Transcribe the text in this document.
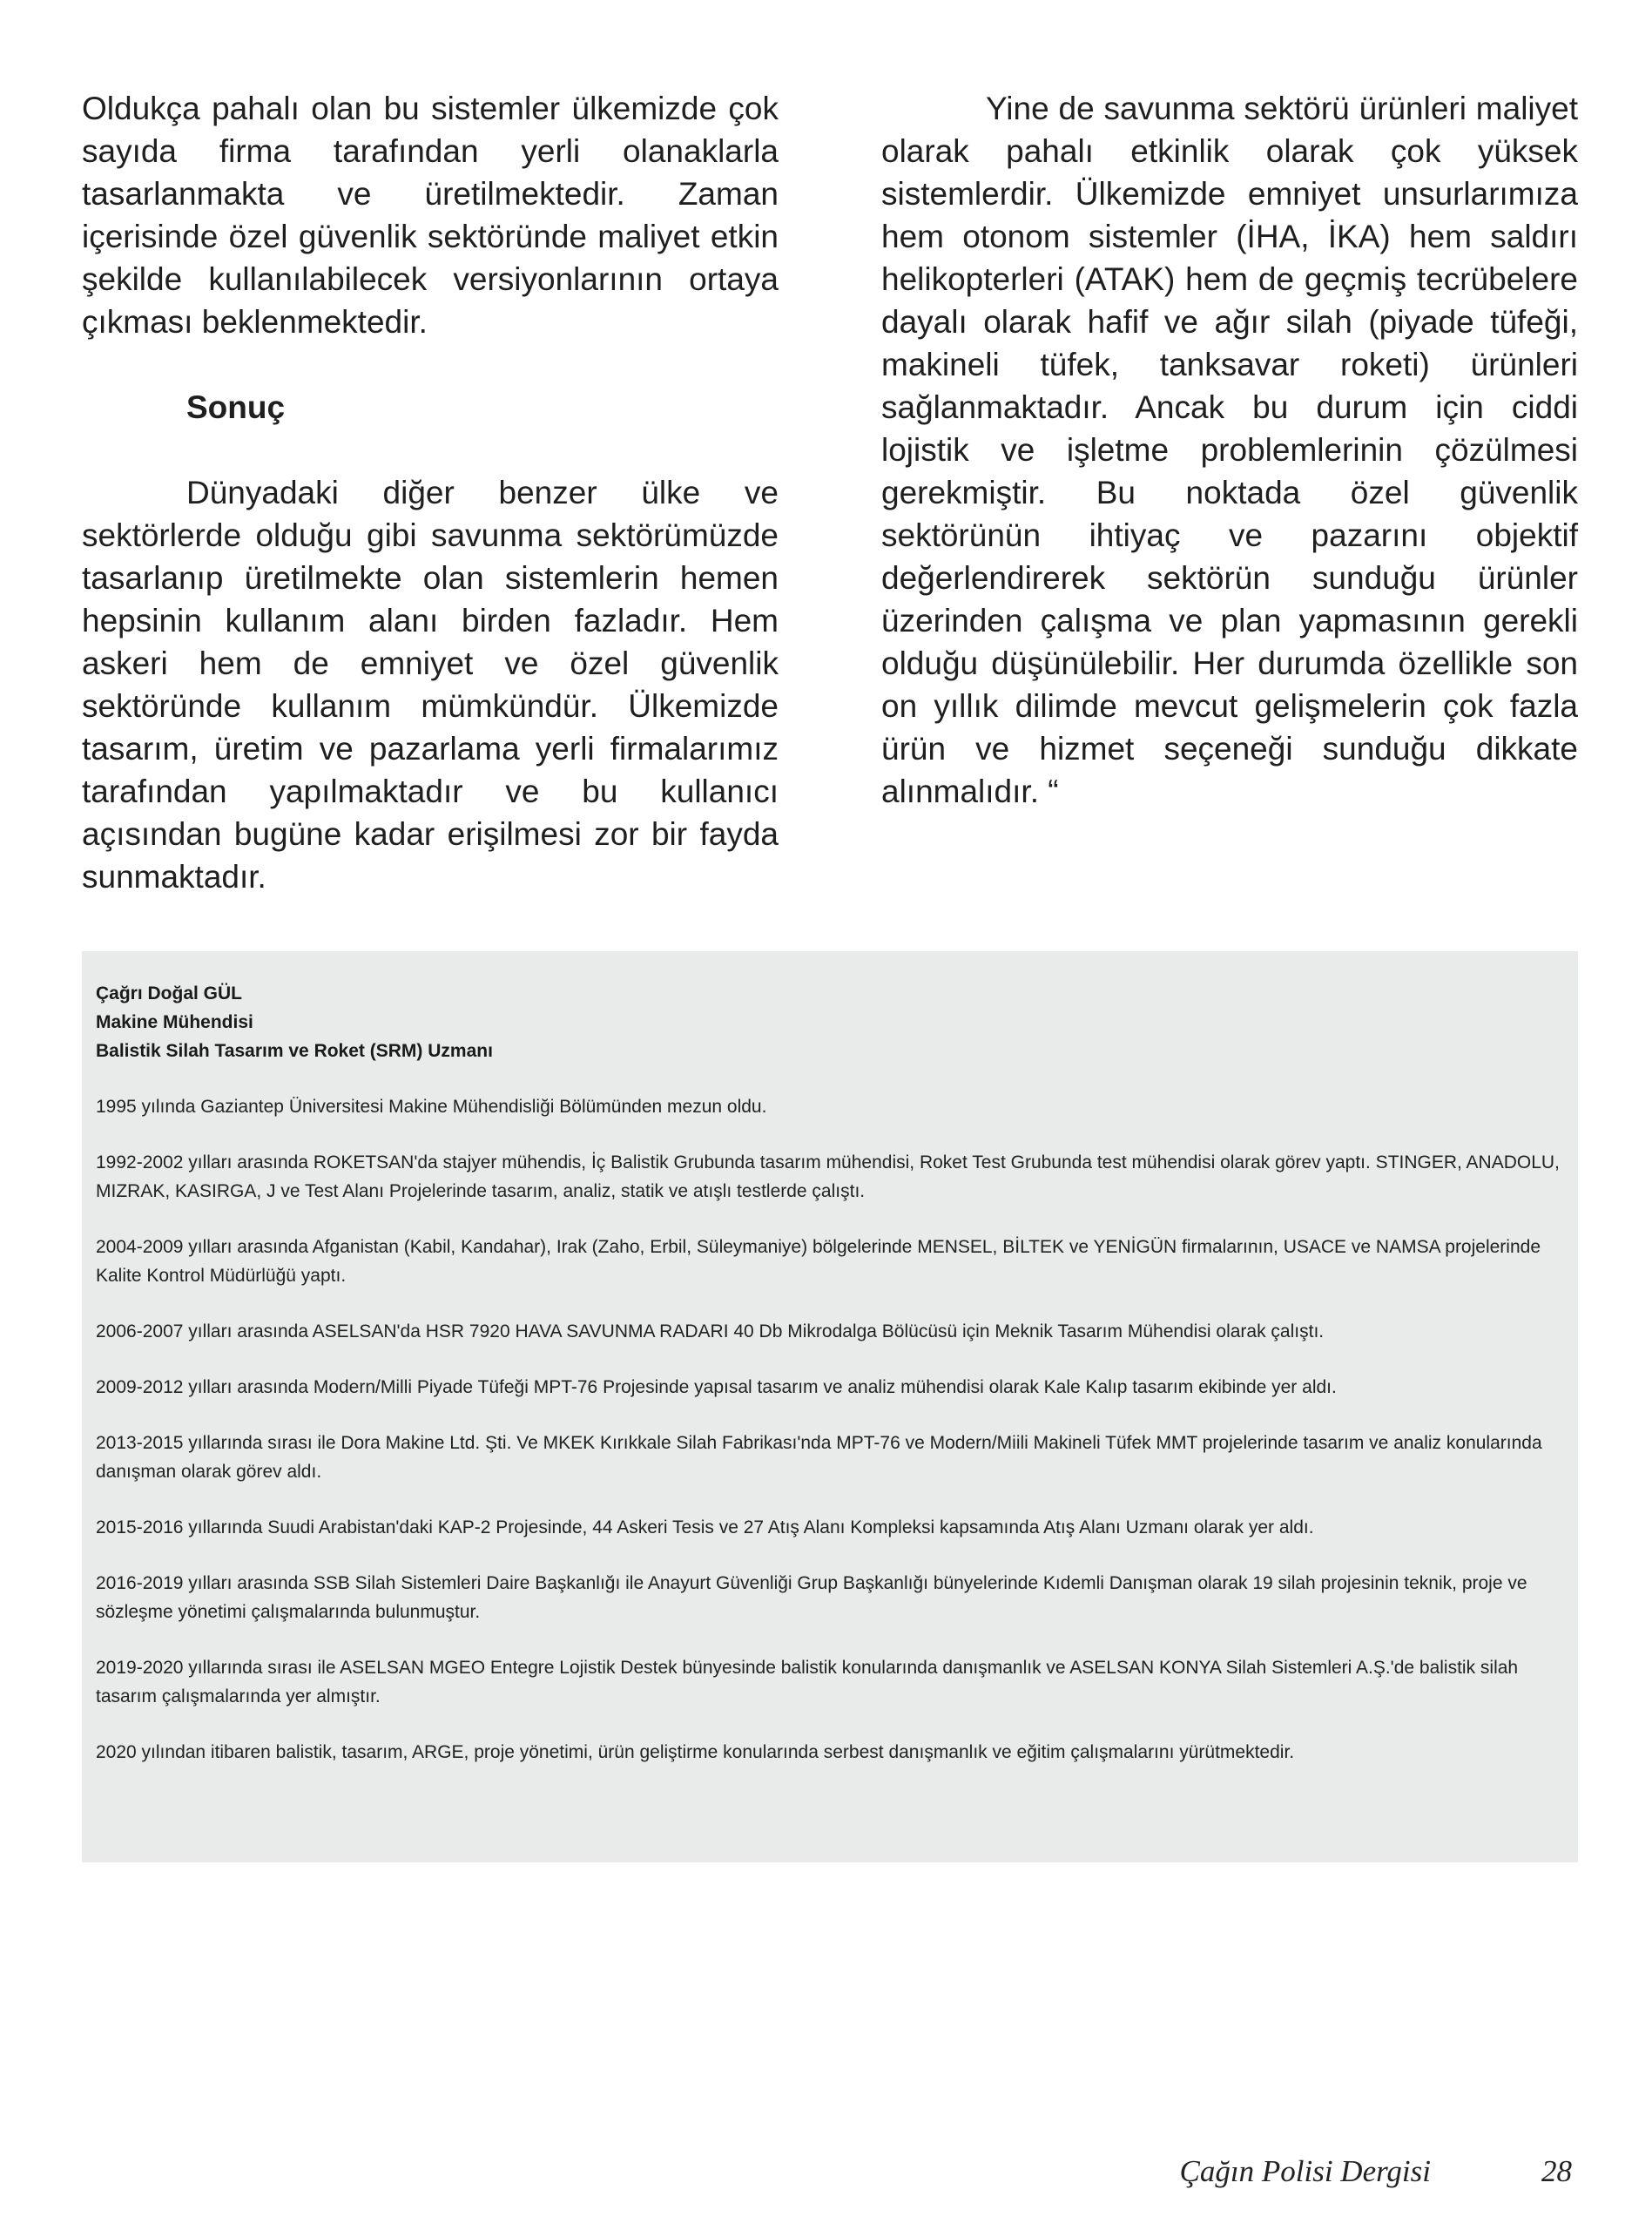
Oldukça pahalı olan bu sistemler ülkemizde çok sayıda firma tarafından yerli olanaklarla tasarlanmakta ve üretilmektedir. Zaman içerisinde özel güvenlik sektöründe maliyet etkin şekilde kullanılabilecek versiyonlarının ortaya çıkması beklenmektedir.

Sonuç

Dünyadaki diğer benzer ülke ve sektörlerde olduğu gibi savunma sektörümüzde tasarlanıp üretilmekte olan sistemlerin hemen hepsinin kullanım alanı birden fazladır. Hem askeri hem de emniyet ve özel güvenlik sektöründe kullanım mümkündür. Ülkemizde tasarım, üretim ve pazarlama yerli firmalarımız tarafından yapılmaktadır ve bu kullanıcı açısından bugüne kadar erişilmesi zor bir fayda sunmaktadır.

Yine de savunma sektörü ürünleri maliyet olarak pahalı etkinlik olarak çok yüksek sistemlerdir. Ülkemizde emniyet unsurlarımıza hem otonom sistemler (İHA, İKA) hem saldırı helikopterleri (ATAK) hem de geçmiş tecrübelere dayalı olarak hafif ve ağır silah (piyade tüfeği, makineli tüfek, tanksavar roketi) ürünleri sağlanmaktadır. Ancak bu durum için ciddi lojistik ve işletme problemlerinin çözülmesi gerekmiştir. Bu noktada özel güvenlik sektörünün ihtiyaç ve pazarını objektif değerlendirerek sektörün sunduğu ürünler üzerinden çalışma ve plan yapmasının gerekli olduğu düşünülebilir. Her durumda özellikle son on yıllık dilimde mevcut gelişmelerin çok fazla ürün ve hizmet seçeneği sunduğu dikkate alınmalıdır. “

Çağrı Doğal GÜL
Makine Mühendisi
Balistik Silah Tasarım ve Roket (SRM) Uzmanı

1995 yılında Gaziantep Üniversitesi Makine Mühendisliği Bölümünden mezun oldu.

1992-2002 yılları arasında ROKETSAN'da stajyer mühendis, İç Balistik Grubunda tasarım mühendisi, Roket Test Grubunda test mühendisi olarak görev yaptı. STINGER, ANADOLU, MIZRAK, KASIRGA, J ve Test Alanı Projelerinde tasarım, analiz, statik ve atışlı testlerde çalıştı.

2004-2009 yılları arasında Afganistan (Kabil, Kandahar), Irak (Zaho, Erbil, Süleymaniye) bölgelerinde MENSEL, BİLTEK ve YENİGÜN firmalarının, USACE ve NAMSA projelerinde Kalite Kontrol Müdürlüğü yaptı.

2006-2007 yılları arasında ASELSAN'da HSR 7920 HAVA SAVUNMA RADARI 40 Db Mikrodalga Bölücüsü için Meknik Tasarım Mühendisi olarak çalıştı.

2009-2012 yılları arasında Modern/Milli Piyade Tüfeği MPT-76 Projesinde yapısal tasarım ve analiz mühendisi olarak Kale Kalıp tasarım ekibinde yer aldı.

2013-2015 yıllarında sırası ile Dora Makine Ltd. Şti. Ve MKEK Kırıkkale Silah Fabrikası'nda MPT-76 ve Modern/Miili Makineli Tüfek MMT projelerinde tasarım ve analiz konularında danışman olarak görev aldı.

2015-2016 yıllarında Suudi Arabistan'daki KAP-2 Projesinde, 44 Askeri Tesis ve 27 Atış Alanı Kompleksi kapsamında Atış Alanı Uzmanı olarak yer aldı.

2016-2019 yılları arasında SSB Silah Sistemleri Daire Başkanlığı ile Anayurt Güvenliği Grup Başkanlığı bünyelerinde Kıdemli Danışman olarak 19 silah projesinin teknik, proje ve sözleşme yönetimi çalışmalarında bulunmuştur.

2019-2020 yıllarında sırası ile ASELSAN MGEO Entegre Lojistik Destek bünyesinde balistik konularında danışmanlık ve ASELSAN KONYA Silah Sistemleri A.Ş.'de balistik silah tasarım çalışmalarında yer almıştır.

2020 yılından itibaren balistik, tasarım, ARGE, proje yönetimi, ürün geliştirme konularında serbest danışmanlık ve eğitim çalışmalarını yürütmektedir.

Çağın Polisi Dergisi	28
